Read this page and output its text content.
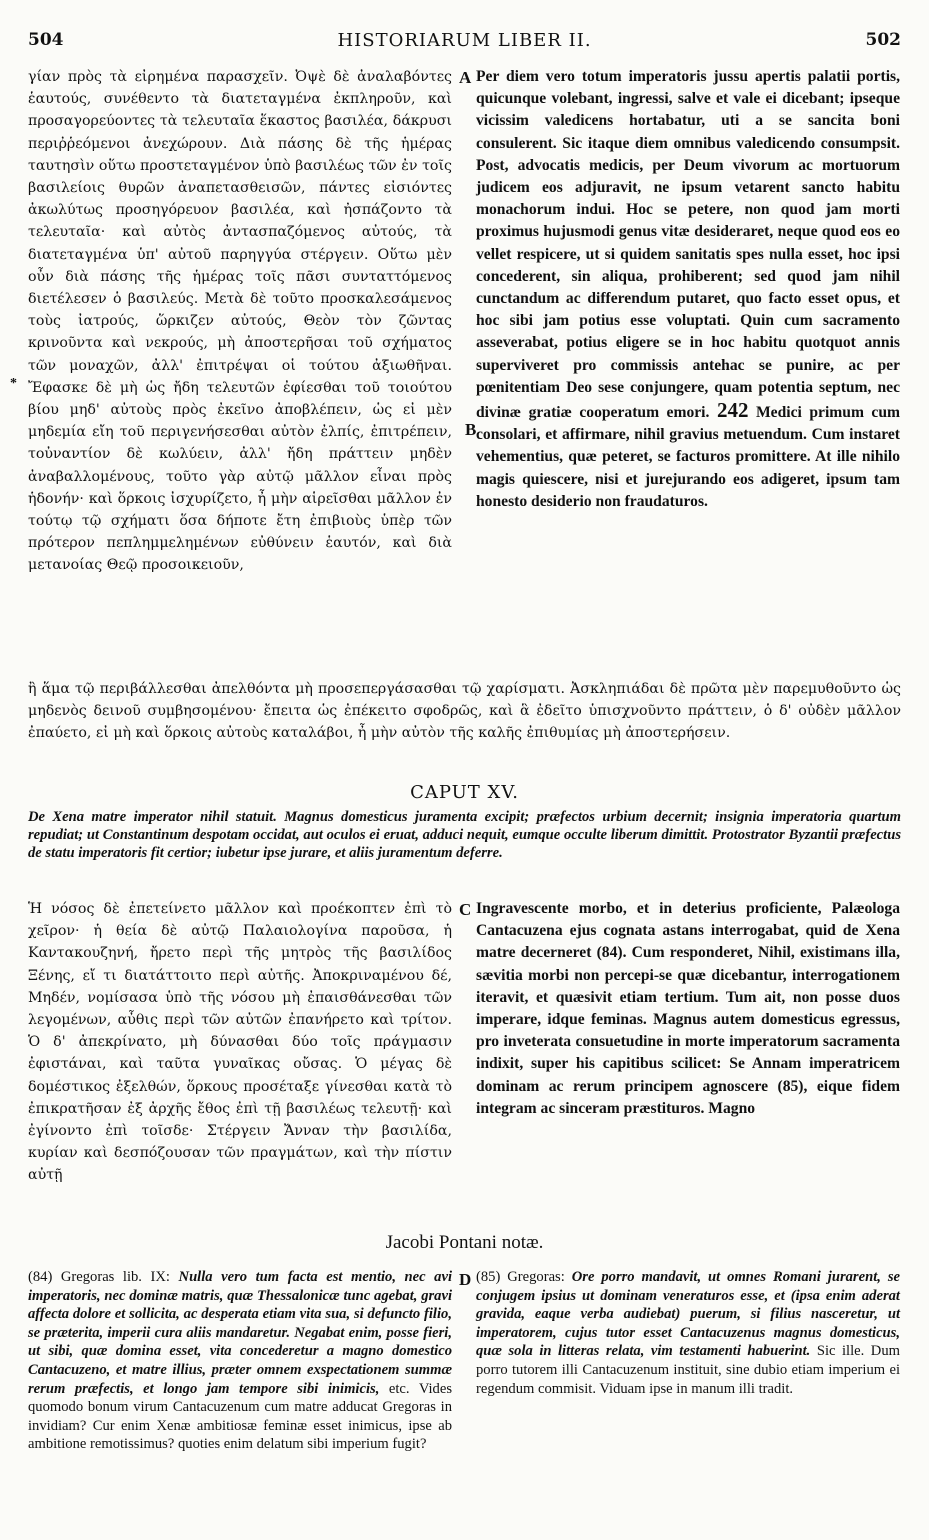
504	HISTORIARUM LIBER II.	502

γίαν πρὸς τὰ εἰρημένα παρασχεῖν. Ὀψὲ δὲ ἀναλαβόντες ἑαυτούς, συνέθεντο τὰ διατεταγμένα ἐκπληροῦν, καὶ προσαγορεύοντες τὰ τελευταῖα ἕκαστος βασιλέα, δάκρυσι περιῤῥεόμενοι ἀνεχώρουν. Διὰ πάσης δὲ τῆς ἡμέρας ταυτησὶν οὕτω προστεταγμένον ὑπὸ βασιλέως τῶν ἐν τοῖς βασιλείοις θυρῶν ἀναπετασθεισῶν, πάντες εἰσιόντες ἀκωλύτως προσηγόρευον βασιλέα, καὶ ἠσπάζοντο τὰ τελευταῖα· καὶ αὐτὸς ἀντασπαζόμενος αὐτούς, τὰ διατεταγμένα ὑπ' αὐτοῦ παρηγγύα στέργειν. Οὕτω μὲν οὖν διὰ πάσης τῆς ἡμέρας τοῖς πᾶσι συνταττόμενος διετέλεσεν ὁ βασιλεύς. Μετὰ δὲ τοῦτο προσκαλεσάμενος τοὺς ἰατρούς, ὥρκιζεν αὐτούς, Θεὸν τὸν ζῶντας κρινοῦντα καὶ νεκρούς, μὴ ἀποστερῆσαι τοῦ σχήματος τῶν μοναχῶν, ἀλλ' ἐπιτρέψαι οἱ τούτου ἀξιωθῆναι. Ἔφασκε δὲ μὴ ὡς ἤδη τελευτῶν ἐφίεσθαι τοῦ τοιούτου βίου μηδ' αὐτοὺς πρὸς ἐκεῖνο ἀποβλέπειν, ὡς εἰ μὲν μηδεμία εἴη τοῦ περιγενήσεσθαι αὐτὸν ἐλπίς, ἐπιτρέπειν, τοὐναντίον δὲ κωλύειν, ἀλλ' ἤδη πράττειν μηδὲν ἀναβαλλομένους, τοῦτο γὰρ αὐτῷ μᾶλλον εἶναι πρὸς ἡδονήν· καὶ ὅρκοις ἰσχυρίζετο, ἦ μὴν αἱρεῖσθαι μᾶλλον ἐν τούτῳ τῷ σχήματι ὅσα δήποτε ἔτη ἐπιβιοὺς ὑπὲρ τῶν πρότερον πεπλημμελημένων εὐθύνειν ἑαυτόν, καὶ διὰ μετανοίας Θεῷ προσοικειοῦν,

A
B
*

Per diem vero totum imperatoris jussu apertis palatii portis, quicunque volebant, ingressi, salve et vale ei dicebant; ipseque vicissim valedicens hortabatur, uti a se sancita boni consulerent. Sic itaque diem omnibus valedicendo consumpsit. Post, advocatis medicis, per Deum vivorum ac mortuorum judicem eos adjuravit, ne ipsum vetarent sancto habitu monachorum indui. Hoc se petere, non quod jam morti proximus hujusmodi genus vitæ desideraret, neque quod eos eo vellet respicere, ut si quidem sanitatis spes nulla esset, hoc ipsi concederent, sin aliqua, prohiberent; sed quod jam nihil cunctandum ac differendum putaret, quo facto esset opus, et hoc sibi jam potius esse voluptati. Quin cum sacramento asseverabat, potius eligere se in hoc habitu quotquot annis superviveret pro commissis antehac se punire, ac per pœnitentiam Deo sese conjungere, quam potentia septum, nec divinæ gratiæ cooperatum emori. 242 Medici primum cum consolari, et affirmare, nihil gravius metuendum. Cum instaret vehementius, quæ peteret, se facturos promittere. At ille nihilo magis quiescere, nisi et jurejurando eos adigeret, ipsum tam honesto desiderio non fraudaturos.

ἢ ἅμα τῷ περιβάλλεσθαι ἀπελθόντα μὴ προσεπεργάσασθαι τῷ χαρίσματι. Ἀσκληπιάδαι δὲ πρῶτα μὲν παρεμυθοῦντο ὡς μηδενὸς δεινοῦ συμβησομένου· ἔπειτα ὡς ἐπέκειτο σφοδρῶς, καὶ ἃ ἐδεῖτο ὑπισχνοῦντο πράττειν, ὁ δ' οὐδὲν μᾶλλον ἐπαύετο, εἰ μὴ καὶ ὅρκοις αὐτοὺς καταλάβοι, ἦ μὴν αὐτὸν τῆς καλῆς ἐπιθυμίας μὴ ἀποστερήσειν.

CAPUT XV.

De Xena matre imperator nihil statuit. Magnus domesticus juramenta excipit; præfectos urbium decernit; insignia imperatoria quartum repudiat; ut Constantinum despotam occidat, aut oculos ei eruat, adduci nequit, eumque occulte liberum dimittit. Protostrator Byzantii præfectus de statu imperatoris fit certior; iubetur ipse jurare, et aliis juramentum deferre.

Ἡ νόσος δὲ ἐπετείνετο μᾶλλον καὶ προέκοπτεν ἐπὶ τὸ χεῖρον· ἡ θεία δὲ αὐτῷ Παλαιολογίνα παροῦσα, ἡ Καντακουζηνή, ἤρετο περὶ τῆς μητρὸς τῆς βασιλίδος Ξένης, εἴ τι διατάττοιτο περὶ αὐτῆς. Ἀποκριναμένου δέ, Μηδέν, νομίσασα ὑπὸ τῆς νόσου μὴ ἐπαισθάνεσθαι τῶν λεγομένων, αὖθις περὶ τῶν αὐτῶν ἐπανήρετο καὶ τρίτον. Ὁ δ' ἀπεκρίνατο, μὴ δύνασθαι δύο τοῖς πράγμασιν ἐφιστάναι, καὶ ταῦτα γυναῖκας οὔσας. Ὁ μέγας δὲ δομέστικος ἐξελθών, ὅρκους προσέταξε γίνεσθαι κατὰ τὸ ἐπικρατῆσαν ἐξ ἀρχῆς ἔθος ἐπὶ τῇ βασιλέως τελευτῇ· καὶ ἐγίνοντο ἐπὶ τοῖσδε· Στέργειν Ἄνναν τὴν βασιλίδα, κυρίαν καὶ δεσπόζουσαν τῶν πραγμάτων, καὶ τὴν πίστιν αὐτῇ

C Ingravescente morbo, et in deterius proficiente, Palæologa Cantacuzena ejus cognata astans interrogabat, quid de Xena matre decerneret (84). Cum responderet, Nihil, existimans illa, sævitia morbi non percepi-se quæ dicebantur, interrogationem iteravit, et quæsivit etiam tertium. Tum ait, non posse duos imperare, idque feminas. Magnus autem domesticus egressus, pro inveterata consuetudine in morte imperatorum sacramenta indixit, super his capitibus scilicet: Se Annam imperatricem dominam ac rerum principem agnoscere (85), eique fidem integram ac sinceram præstituros. Magno

Jacobi Pontani notæ.
D

(84) Gregoras lib. IX: Nulla vero tum facta est mentio, nec avi imperatoris, nec dominæ matris, quæ Thessalonicæ tunc agebat, gravi affecta dolore et sollicita, ac desperata etiam vita sua, si defuncto filio, se præterita, imperii cura aliis mandaretur. Negabat enim, posse fieri, ut sibi, quæ domina esset, vita concederetur a magno domestico Cantacuzeno, et matre illius, præter omnem exspectationem summæ rerum præfectis, et longo jam tempore sibi inimicis, etc. Vides quomodo bonum virum Cantacuzenum cum matre adducat Gregoras in invidiam? Cur enim Xenæ ambitiosæ feminæ esset inimicus, ipse ab ambitione remotissimus? quoties enim delatum sibi imperium fugit?

(85) Gregoras: Ore porro mandavit, ut omnes Romani jurarent, se conjugem ipsius ut dominam veneraturos esse, et (ipsa enim aderat gravida, eaque verba audiebat) puerum, si filius nasceretur, ut imperatorem, cujus tutor esset Cantacuzenus magnus domesticus, quæ sola in litteras relata, vim testamenti habuerint. Sic ille. Dum porro tutorem illi Cantacuzenum instituit, sine dubio etiam imperium ei regendum commisit. Viduam ipse in manum illi tradit.
